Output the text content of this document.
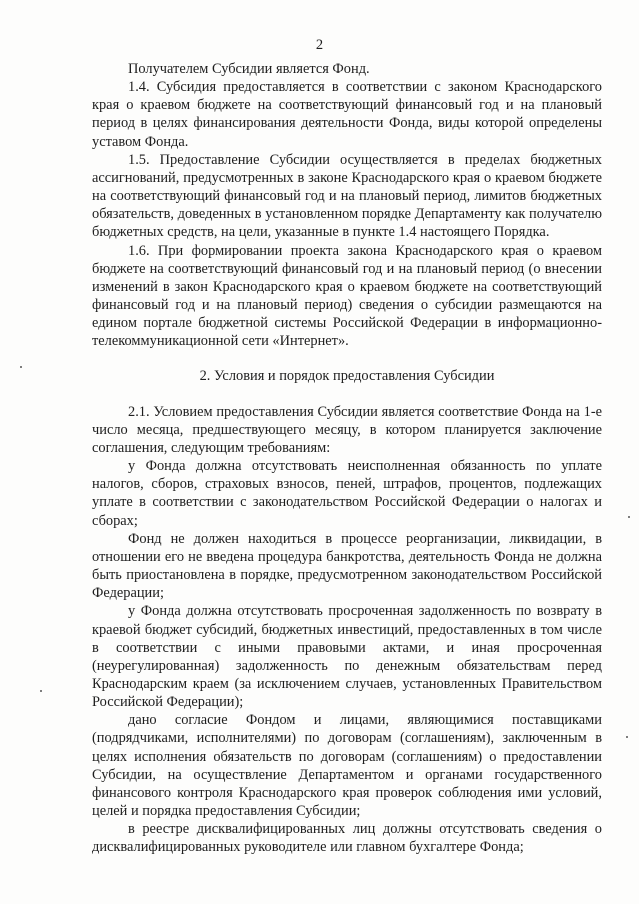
2

Получателем Субсидии является Фонд.

1.4. Субсидия предоставляется в соответствии с законом Краснодарского края о краевом бюджете на соответствующий финансовый год и на плановый период в целях финансирования деятельности Фонда, виды которой определены уставом Фонда.

1.5. Предоставление Субсидии осуществляется в пределах бюджетных ассигнований, предусмотренных в законе Краснодарского края о краевом бюджете на соответствующий финансовый год и на плановый период, лимитов бюджетных обязательств, доведенных в установленном порядке Департаменту как получателю бюджетных средств, на цели, указанные в пункте 1.4 настоящего Порядка.

1.6. При формировании проекта закона Краснодарского края о краевом бюджете на соответствующий финансовый год и на плановый период (о внесении изменений в закон Краснодарского края о краевом бюджете на соответствующий финансовый год и на плановый период) сведения о субсидии размещаются на едином портале бюджетной системы Российской Федерации в информационно-телекоммуникационной сети «Интернет».

2. Условия и порядок предоставления Субсидии

2.1. Условием предоставления Субсидии является соответствие Фонда на 1-е число месяца, предшествующего месяцу, в котором планируется заключение соглашения, следующим требованиям:

у Фонда должна отсутствовать неисполненная обязанность по уплате налогов, сборов, страховых взносов, пеней, штрафов, процентов, подлежащих уплате в соответствии с законодательством Российской Федерации о налогах и сборах;

Фонд не должен находиться в процессе реорганизации, ликвидации, в отношении его не введена процедура банкротства, деятельность Фонда не должна быть приостановлена в порядке, предусмотренном законодательством Российской Федерации;

у Фонда должна отсутствовать просроченная задолженность по возврату в краевой бюджет субсидий, бюджетных инвестиций, предоставленных в том числе в соответствии с иными правовыми актами, и иная просроченная (неурегулированная) задолженность по денежным обязательствам перед Краснодарским краем (за исключением случаев, установленных Правительством Российской Федерации);

дано согласие Фондом и лицами, являющимися поставщиками (подрядчиками, исполнителями) по договорам (соглашениям), заключенным в целях исполнения обязательств по договорам (соглашениям) о предоставлении Субсидии, на осуществление Департаментом и органами государственного финансового контроля Краснодарского края проверок соблюдения ими условий, целей и порядка предоставления Субсидии;

в реестре дисквалифицированных лиц должны отсутствовать сведения о дисквалифицированных руководителе или главном бухгалтере Фонда;
